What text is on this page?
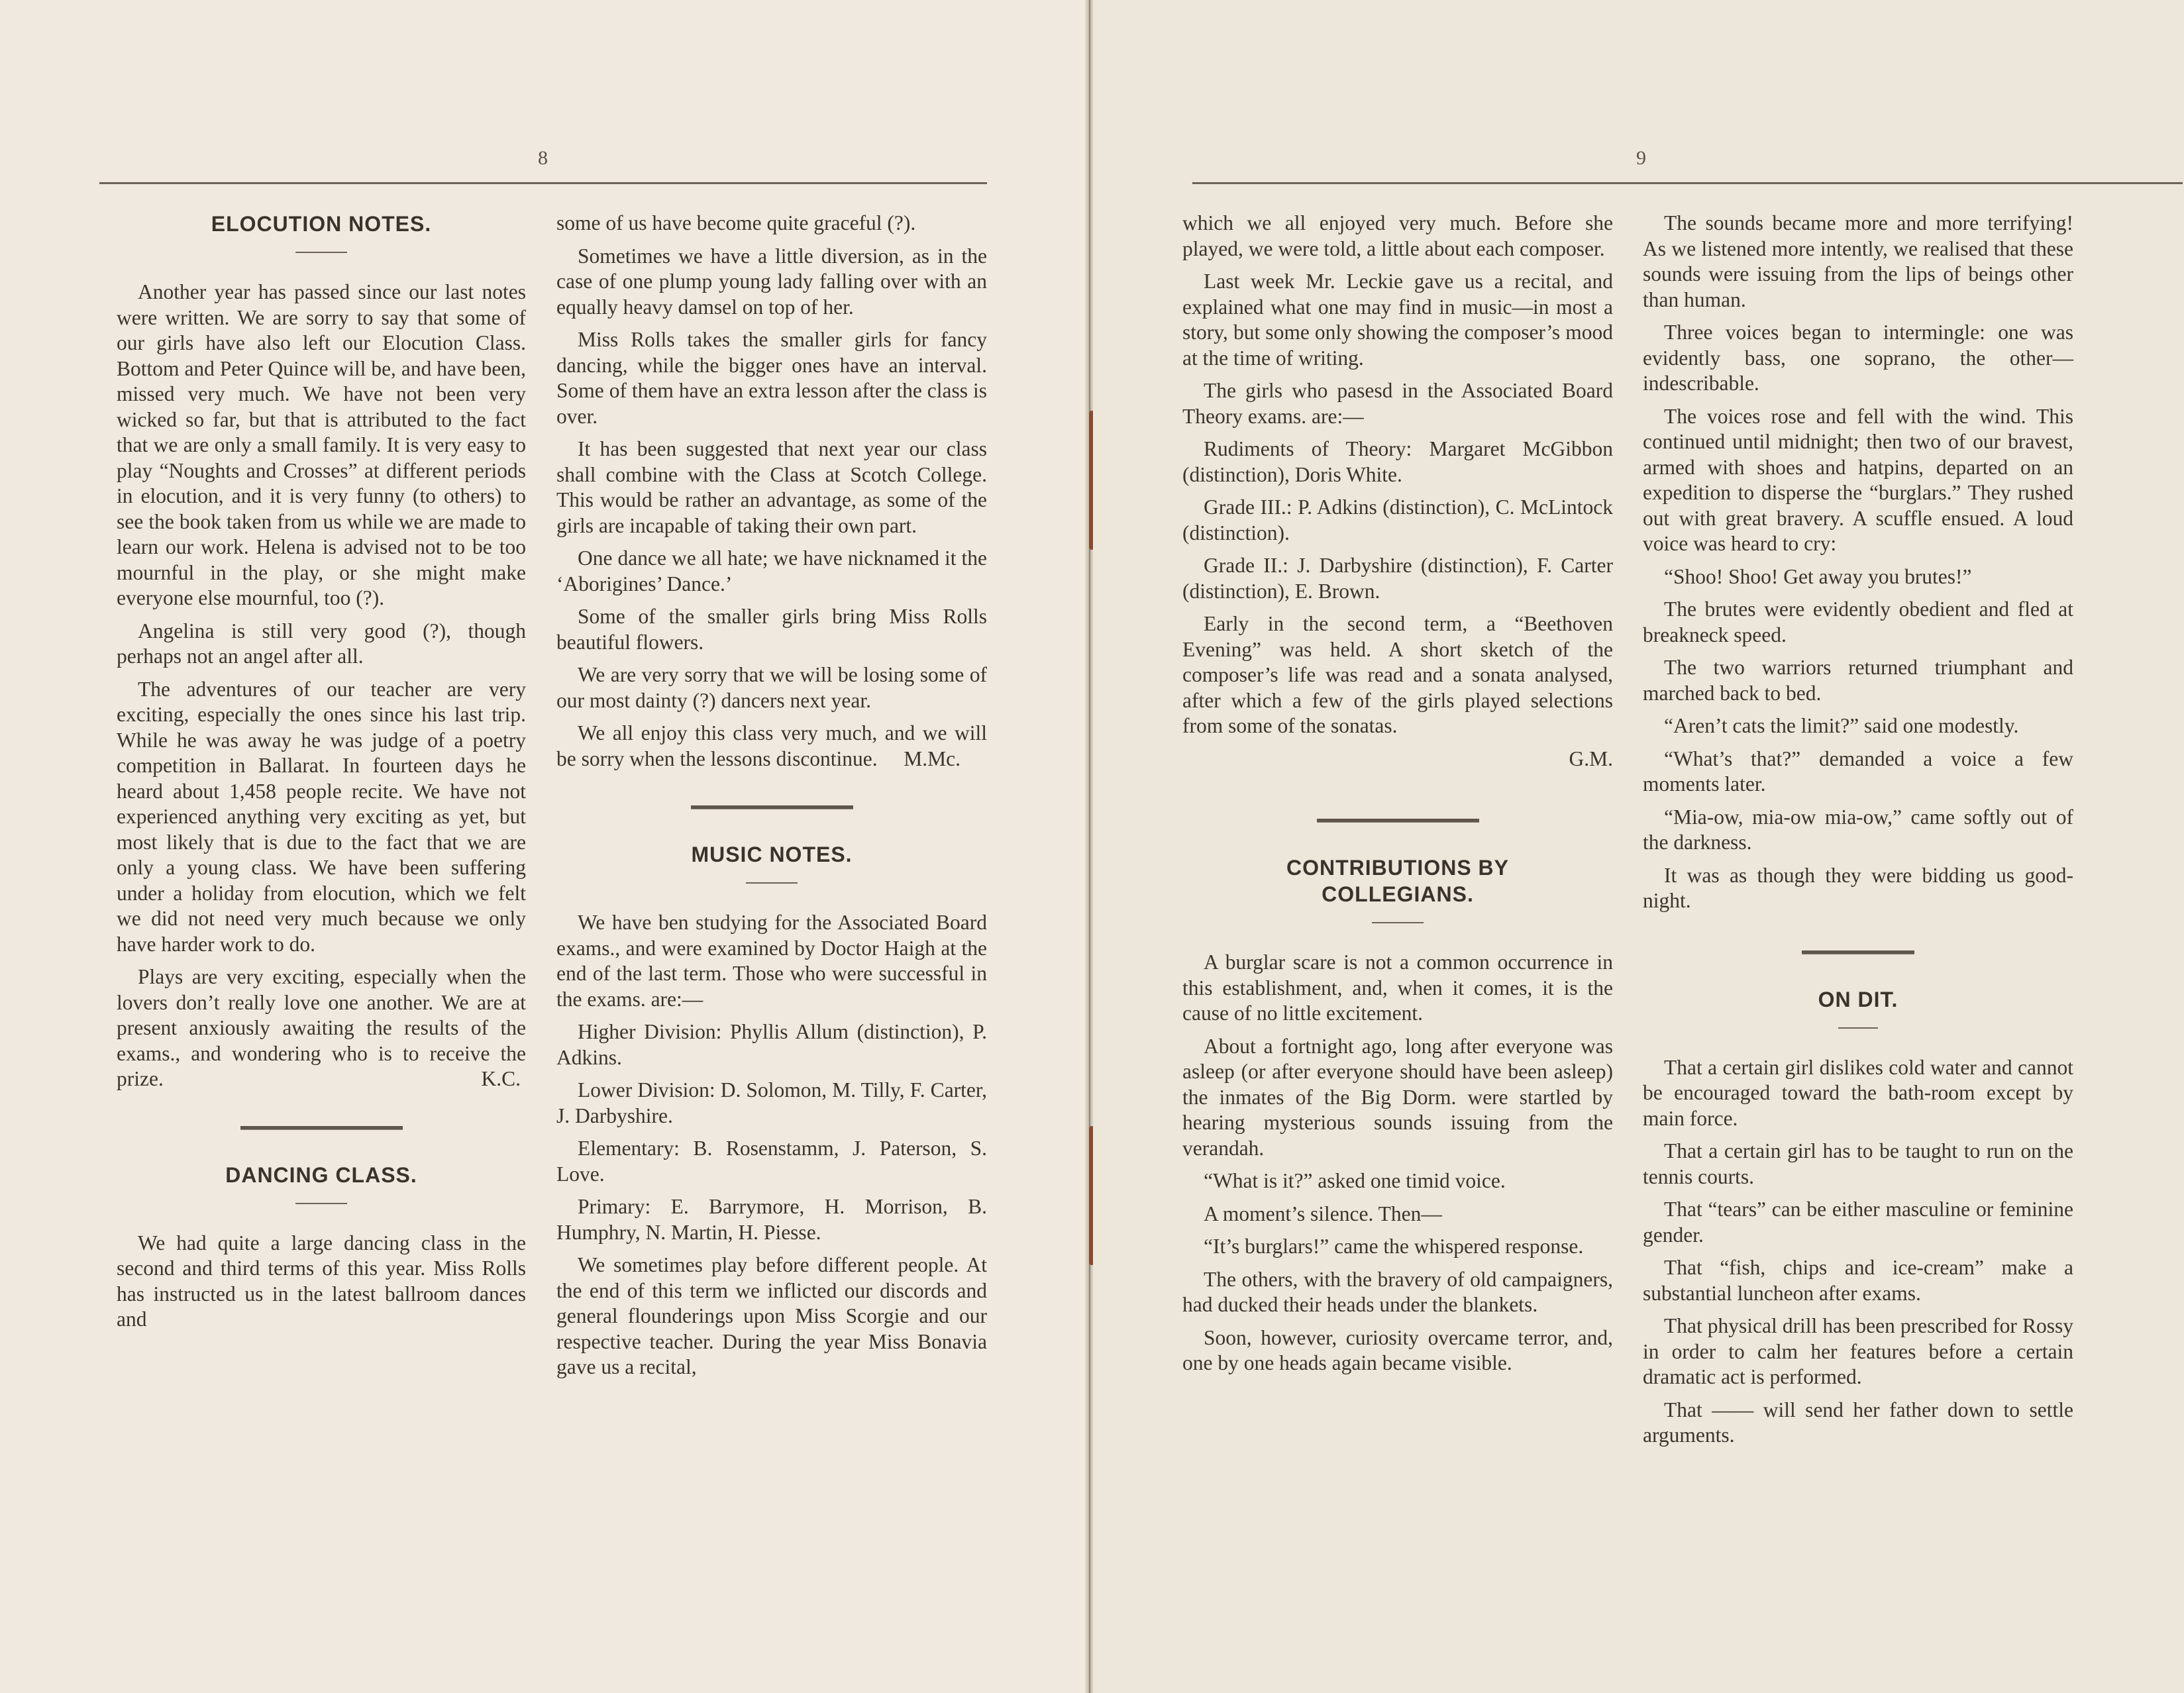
8
ELOCUTION NOTES.

Another year has passed since our last notes were written. We are sorry to say that some of our girls have also left our Elocution Class. Bottom and Peter Quince will be, and have been, missed very much. We have not been very wicked so far, but that is attributed to the fact that we are only a small family. It is very easy to play “Noughts and Crosses” at different periods in elocution, and it is very funny (to others) to see the book taken from us while we are made to learn our work. Helena is advised not to be too mournful in the play, or she might make everyone else mournful, too (?).

Angelina is still very good (?), though perhaps not an angel after all.

The adventures of our teacher are very exciting, especially the ones since his last trip. While he was away he was judge of a poetry competition in Ballarat. In fourteen days he heard about 1,458 people recite. We have not experienced anything very exciting as yet, but most likely that is due to the fact that we are only a young class. We have been suffering under a holiday from elocution, which we felt we did not need very much because we only have harder work to do.

Plays are very exciting, especially when the lovers don’t really love one another. We are at present anxiously awaiting the results of the exams., and wondering who is to receive the prize.	K.C.

DANCING CLASS.

We had quite a large dancing class in the second and third terms of this year. Miss Rolls has instructed us in the latest ballroom dances and

some of us have become quite graceful (?).

Sometimes we have a little diversion, as in the case of one plump young lady falling over with an equally heavy damsel on top of her.

Miss Rolls takes the smaller girls for fancy dancing, while the bigger ones have an interval. Some of them have an extra lesson after the class is over.

It has been suggested that next year our class shall combine with the Class at Scotch College. This would be rather an advantage, as some of the girls are incapable of taking their own part.

One dance we all hate; we have nicknamed it the ‘Aborigines’ Dance.’

Some of the smaller girls bring Miss Rolls beautiful flowers.

We are very sorry that we will be losing some of our most dainty (?) dancers next year.

We all enjoy this class very much, and we will be sorry when the lessons discontinue.	M.Mc.

MUSIC NOTES.

We have ben studying for the Associated Board exams., and were examined by Doctor Haigh at the end of the last term. Those who were successful in the exams. are:—

Higher Division: Phyllis Allum (distinction), P. Adkins.

Lower Division: D. Solomon, M. Tilly, F. Carter, J. Darbyshire.

Elementary: B. Rosenstamm, J. Paterson, S. Love.

Primary: E. Barrymore, H. Morrison, B. Humphry, N. Martin, H. Piesse.

We sometimes play before different people. At the end of this term we inflicted our discords and general flounderings upon Miss Scorgie and our respective teacher. During the year Miss Bonavia gave us a recital,

9

which we all enjoyed very much. Before she played, we were told, a little about each composer.

Last week Mr. Leckie gave us a recital, and explained what one may find in music—in most a story, but some only showing the composer’s mood at the time of writing.

The girls who pasesd in the Associated Board Theory exams. are:—

Rudiments of Theory: Margaret McGibbon (distinction), Doris White.

Grade III.: P. Adkins (distinction), C. McLintock (distinction).

Grade II.: J. Darbyshire (distinction), F. Carter (distinction), E. Brown.

Early in the second term, a “Beethoven Evening” was held. A short sketch of the composer’s life was read and a sonata analysed, after which a few of the girls played selections from some of the sonatas.

G.M.

CONTRIBUTIONS BY
COLLEGIANS.

A burglar scare is not a common occurrence in this establishment, and, when it comes, it is the cause of no little excitement.

About a fortnight ago, long after everyone was asleep (or after everyone should have been asleep) the inmates of the Big Dorm. were startled by hearing mysterious sounds issuing from the verandah.

“What is it?” asked one timid voice.

A moment’s silence. Then—

“It’s burglars!” came the whispered response.

The others, with the bravery of old campaigners, had ducked their heads under the blankets.

Soon, however, curiosity overcame terror, and, one by one heads again became visible.

The sounds became more and more terrifying! As we listened more intently, we realised that these sounds were issuing from the lips of beings other than human.

Three voices began to intermingle: one was evidently bass, one soprano, the other—indescribable.

The voices rose and fell with the wind. This continued until midnight; then two of our bravest, armed with shoes and hatpins, departed on an expedition to disperse the “burglars.” They rushed out with great bravery. A scuffle ensued. A loud voice was heard to cry:

“Shoo! Shoo! Get away you brutes!”

The brutes were evidently obedient and fled at breakneck speed.

The two warriors returned triumphant and marched back to bed.

“Aren’t cats the limit?” said one modestly.

“What’s that?” demanded a voice a few moments later.

“Mia-ow, mia-ow mia-ow,” came softly out of the darkness.

It was as though they were bidding us good-night.

ON DIT.

That a certain girl dislikes cold water and cannot be encouraged toward the bath-room except by main force.

That a certain girl has to be taught to run on the tennis courts.

That “tears” can be either masculine or feminine gender.

That “fish, chips and ice-cream” make a substantial luncheon after exams.

That physical drill has been prescribed for Rossy in order to calm her features before a certain dramatic act is performed.

That —— will send her father down to settle arguments.
